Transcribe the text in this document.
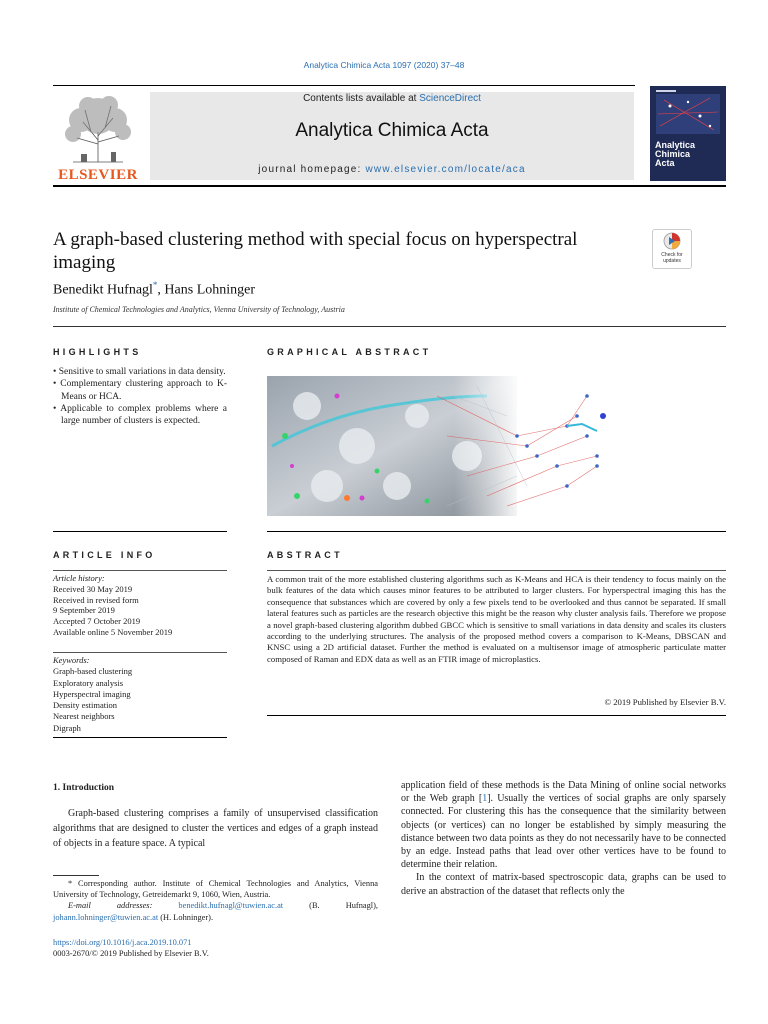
Analytica Chimica Acta 1097 (2020) 37–48
ELSEVIER
Contents lists available at ScienceDirect
Analytica Chimica Acta
journal homepage: www.elsevier.com/locate/aca
Analytica
Chimica
Acta
A graph-based clustering method with special focus on hyperspectral imaging	Check for
updates
Benedikt Hufnagl*, Hans Lohninger
Institute of Chemical Technologies and Analytics, Vienna University of Technology, Austria
HIGHLIGHTS
• Sensitive to small variations in data density.
• Complementary clustering approach to K-Means or HCA.
• Applicable to complex problems where a large number of clusters is expected.
GRAPHICAL ABSTRACT
ARTICLE INFO
Article history:
Received 30 May 2019
Received in revised form
9 September 2019
Accepted 7 October 2019
Available online 5 November 2019
Keywords:
Graph-based clustering
Exploratory analysis
Hyperspectral imaging
Density estimation
Nearest neighbors
Digraph
ABSTRACT
A common trait of the more established clustering algorithms such as K-Means and HCA is their tendency to focus mainly on the bulk features of the data which causes minor features to be attributed to larger clusters. For hyperspectral imaging this has the consequence that substances which are covered by only a few pixels tend to be overlooked and thus cannot be separated. If small lateral features such as particles are the research objective this might be the reason why cluster analysis fails. Therefore we propose a novel graph-based clustering algorithm dubbed GBCC which is sensitive to small variations in data density and scales its clusters according to the underlying structures. The analysis of the proposed method covers a comparison to K-Means, DBSCAN and KNSC using a 2D artificial dataset. Further the method is evaluated on a multisensor image of atmospheric particulate matter composed of Raman and EDX data as well as an FTIR image of microplastics.
© 2019 Published by Elsevier B.V.
1. Introduction
Graph-based clustering comprises a family of unsupervised classification algorithms that are designed to cluster the vertices and edges of a graph instead of objects in a feature space. A typical
application field of these methods is the Data Mining of online social networks or the Web graph [1]. Usually the vertices of social graphs are only sparsely connected. For clustering this has the consequence that the similarity between objects (or vertices) can no longer be established by simply measuring the distance between two data points as they do not necessarily have to be connected by an edge. Instead paths that lead over other vertices have to be found to determine their relation.
In the context of matrix-based spectroscopic data, graphs can be used to derive an abstraction of the dataset that reflects only the
* Corresponding author. Institute of Chemical Technologies and Analytics, Vienna University of Technology, Getreidemarkt 9, 1060, Wien, Austria.
E-mail addresses:	benedikt.hufnagl@tuwien.ac.at	(B. Hufnagl), johann.lohninger@tuwien.ac.at (H. Lohninger).
https://doi.org/10.1016/j.aca.2019.10.071
0003-2670/© 2019 Published by Elsevier B.V.
